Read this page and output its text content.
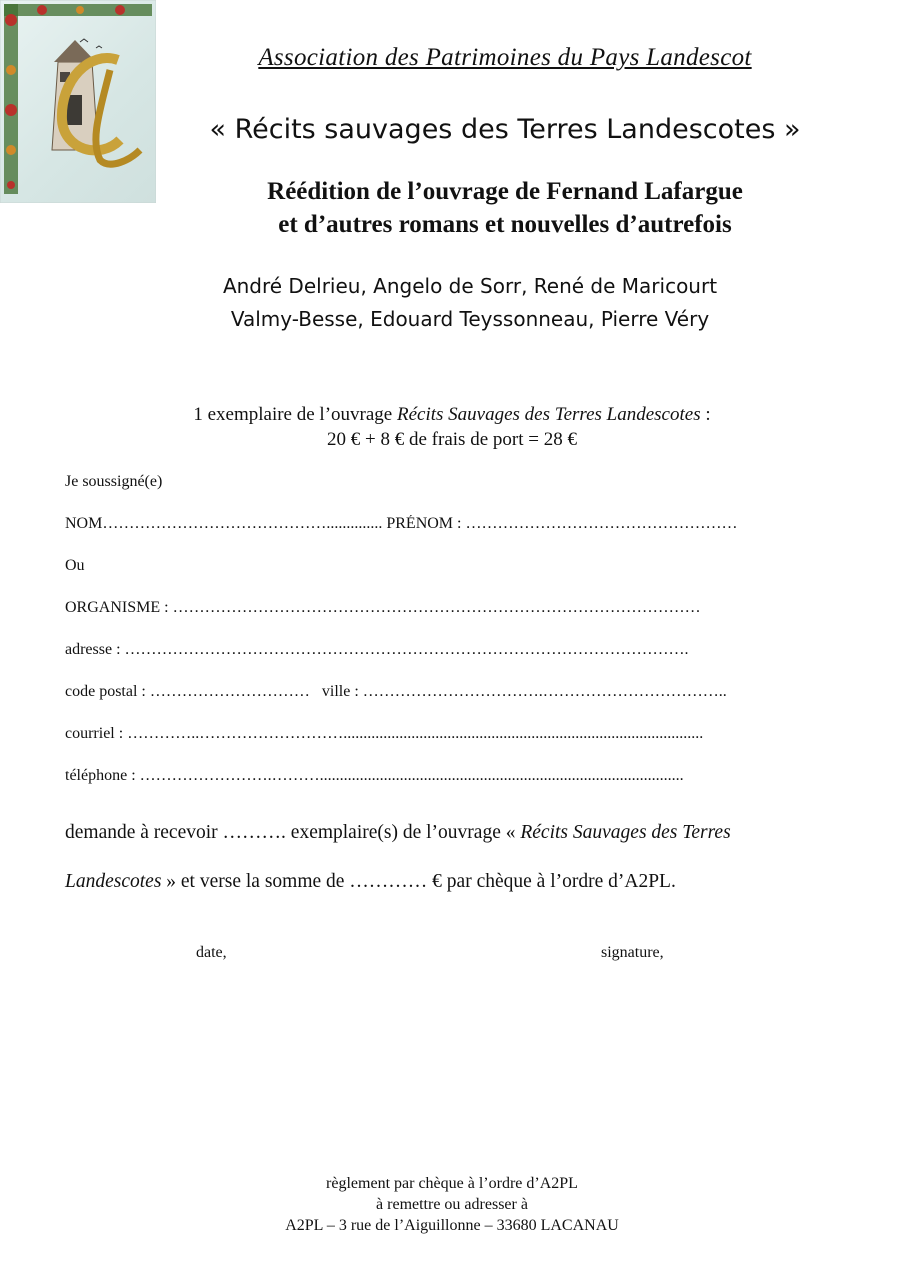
Association des Patrimoines du Pays Landescot
« Récits sauvages des Terres Landescotes »
Réédition de l’ouvrage de Fernand Lafargue
et d’autres romans et nouvelles d’autrefois
André Delrieu, Angelo de Sorr, René de Maricourt
Valmy-Besse, Edouard Teyssonneau, Pierre Véry
1 exemplaire de l’ouvrage Récits Sauvages des Terres Landescotes :
20 € + 8 € de frais de port = 28 €
Je soussigné(e)
NOM…………………………………….............. PRÉNOM : ……………………………………………
Ou
ORGANISME : ………………………………………………………………………………………
adresse : …………………………………………………………………………………………….
code postal : …………………………   ville : …………………………….……………………………..
courriel : …………..………………………..........................................................................................
téléphone : …………………….………...........................................................................................
demande à recevoir ………. exemplaire(s) de l’ouvrage « Récits Sauvages des Terres
Landescotes » et verse la somme de ………… € par chèque à l’ordre d’A2PL.
date,	signature,
règlement par chèque à l’ordre d’A2PL
à remettre ou adresser à
A2PL – 3 rue de l’Aiguillonne – 33680 LACANAU
